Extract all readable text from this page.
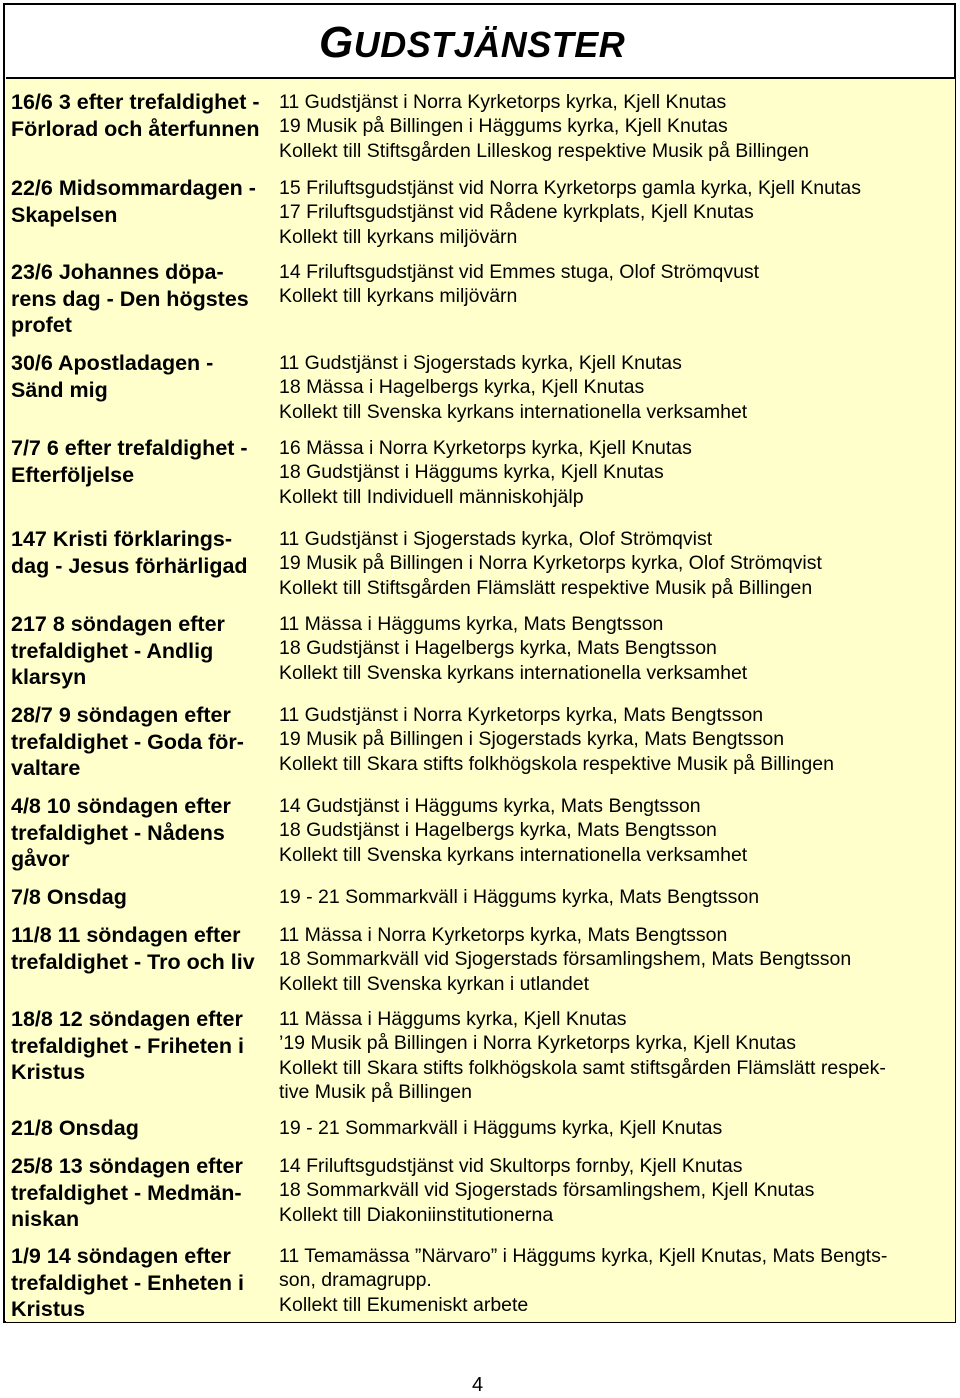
GUDSTJÄNSTER
16/6 3 efter trefaldighet -
Förlorad och återfunnen
11 Gudstjänst i Norra Kyrketorps kyrka, Kjell Knutas
19 Musik på Billingen i Häggums kyrka, Kjell Knutas
Kollekt till Stiftsgården Lilleskog respektive Musik på Billingen
22/6 Midsommardagen -
Skapelsen
15 Friluftsgudstjänst vid Norra Kyrketorps gamla kyrka, Kjell Knutas
17 Friluftsgudstjänst vid Rådene kyrkplats, Kjell Knutas
Kollekt till kyrkans miljövärn
23/6 Johannes döpa-
rens dag - Den högstes
profet
14 Friluftsgudstjänst vid Emmes stuga, Olof Strömqvust
Kollekt till kyrkans miljövärn
30/6 Apostladagen -
Sänd mig
11 Gudstjänst i Sjogerstads kyrka, Kjell Knutas
18 Mässa i Hagelbergs kyrka, Kjell Knutas
Kollekt till Svenska kyrkans internationella verksamhet
7/7 6 efter trefaldighet -
Efterföljelse
16 Mässa i Norra Kyrketorps kyrka, Kjell Knutas
18 Gudstjänst i Häggums kyrka, Kjell Knutas
Kollekt till Individuell människohjälp
147 Kristi förklarings-
dag - Jesus förhärligad
11 Gudstjänst i Sjogerstads kyrka, Olof Strömqvist
19 Musik på Billingen i Norra Kyrketorps kyrka, Olof Strömqvist
Kollekt till Stiftsgården Flämslätt respektive Musik på Billingen
217 8 söndagen efter
trefaldighet - Andlig
klarsyn
11 Mässa i Häggums kyrka, Mats Bengtsson
18 Gudstjänst i Hagelbergs kyrka, Mats Bengtsson
Kollekt till Svenska kyrkans internationella verksamhet
28/7 9 söndagen efter
trefaldighet - Goda för-
valtare
11 Gudstjänst i Norra Kyrketorps kyrka, Mats Bengtsson
19 Musik på Billingen i Sjogerstads kyrka, Mats Bengtsson
Kollekt till Skara stifts folkhögskola respektive Musik på Billingen
4/8 10 söndagen efter
trefaldighet - Nådens
gåvor
14 Gudstjänst i Häggums kyrka, Mats Bengtsson
18 Gudstjänst i Hagelbergs kyrka, Mats Bengtsson
Kollekt till Svenska kyrkans internationella verksamhet
7/8 Onsdag	19 - 21 Sommarkväll i Häggums kyrka, Mats Bengtsson
11/8 11 söndagen efter
trefaldighet - Tro och liv
11 Mässa i Norra Kyrketorps kyrka, Mats Bengtsson
18 Sommarkväll vid Sjogerstads församlingshem, Mats Bengtsson
Kollekt till Svenska kyrkan i utlandet
18/8 12 söndagen efter
trefaldighet - Friheten i
Kristus
11 Mässa i Häggums kyrka, Kjell Knutas
’19 Musik på Billingen i Norra Kyrketorps kyrka, Kjell Knutas
Kollekt till Skara stifts folkhögskola samt stiftsgården Flämslätt respek-
tive Musik på Billingen
21/8 Onsdag	19 - 21 Sommarkväll i Häggums kyrka, Kjell Knutas
25/8 13 söndagen efter
trefaldighet - Medmän-
niskan
14 Friluftsgudstjänst vid Skultorps fornby, Kjell Knutas
18 Sommarkväll vid Sjogerstads församlingshem, Kjell Knutas
Kollekt till Diakoniinstitutionerna
1/9 14 söndagen efter
trefaldighet - Enheten i
Kristus
11 Temamässa ”Närvaro” i Häggums kyrka, Kjell Knutas, Mats Bengts-
son, dramagrupp.
Kollekt till Ekumeniskt arbete
4
